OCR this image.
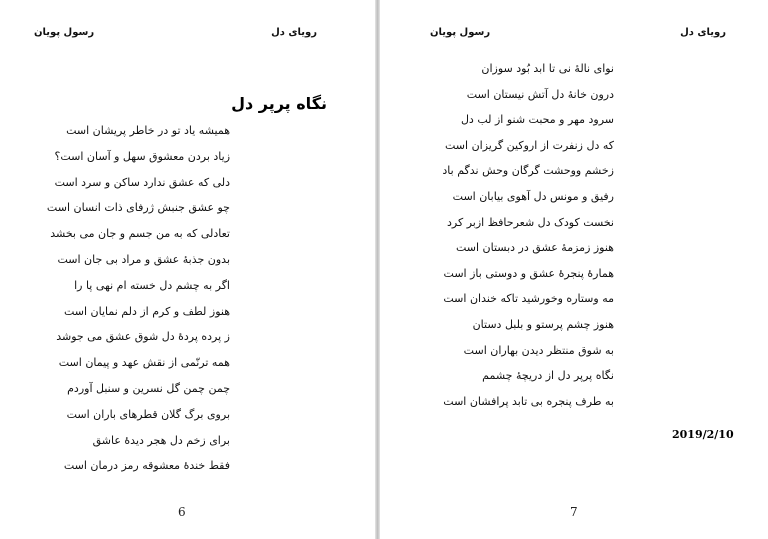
رویای دل
رسول پویان
نگاه پرپر دل
همیشه یاد تو در خاطر پریشان است
زیاد بردن معشوق سهل و آسان است؟
دلی که عشق ندارد ساکن و سرد است
چو عشق جنبش ژرفای ذات انسان است
تعادلی که به من جسم و جان می بخشد
بدون جذبهٔ عشق و مراد بی جان است
اگر به چشم دل خسته ام نهی پا را
هنوز لطف و کرم از دلم نمایان است
ز پرده پردهٔ دل شوق عشق می جوشد
همه ترنّمی از نقش عهد و پیمان است
چمن چمن گل نسرین و سنبل آوردم
بروی برگ گلان قطرهای باران است
برای زخم دل هجر دیدهٔ عاشق
فقط خندهٔ معشوقه رمز درمان است
6
رویای دل
رسول پویان
نوای نالهٔ نی تا ابد بُود سوزان
درون خانهٔ دل آتش نیستان است
سرود مهر و محبت شنو از لب دل
که دل زنفرت از اروکین گریزان است
زخشم ووحشت گرگان وحش ندگم باد
رفیق و مونس دل آهوی بیابان است
نخست کودک دل شعرحافظ ازبر کرد
هنوز زمزمهٔ عشق در دبستان است
همارهٔ پنجرهٔ عشق و دوستی باز است
مه وستاره وخورشید تاکه خندان است
هنوز چشم پرستو و بلبل دستان
به شوق منتظر دیدن بهاران است
نگاه پرپر دل از دریچهٔ چشمم
به طرف پنجره بی تابد پرافشان است
7
2019/2/10
